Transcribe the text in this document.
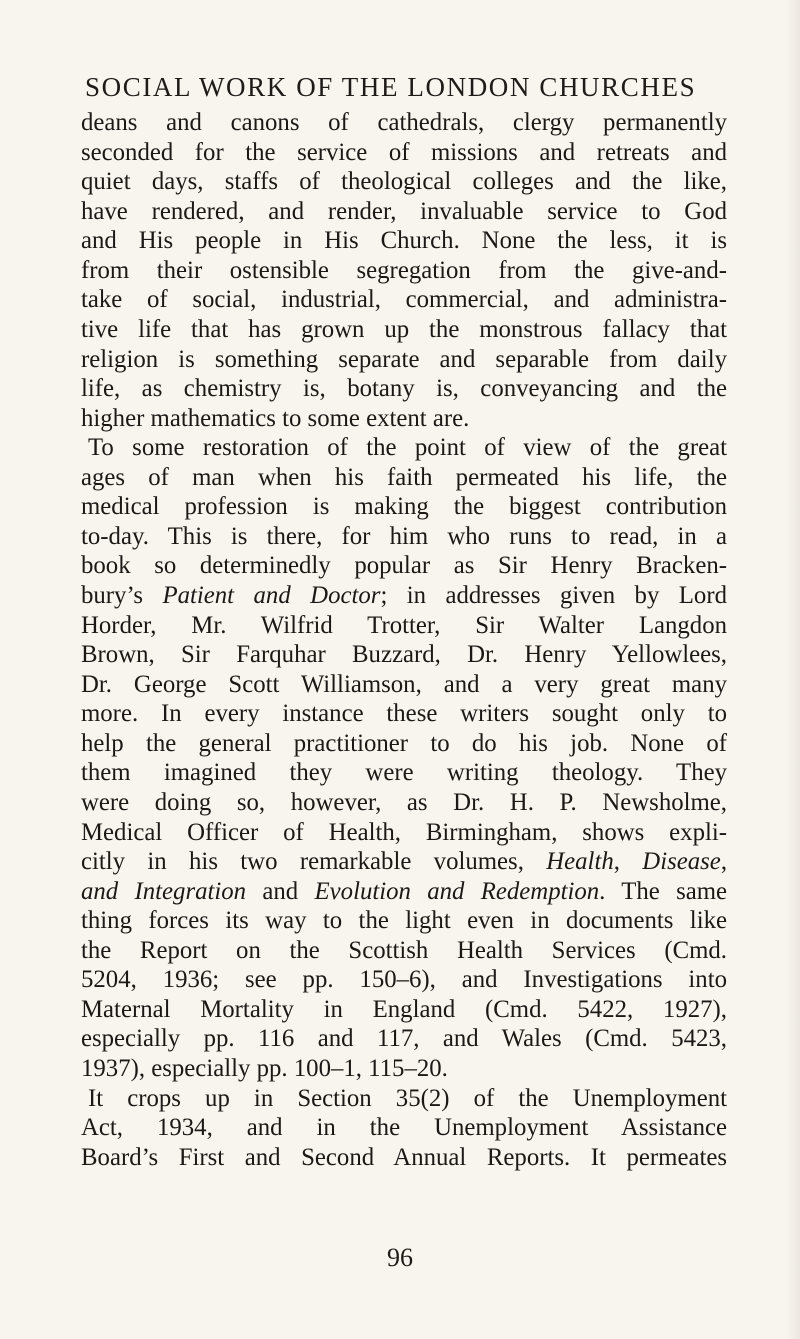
SOCIAL WORK OF THE LONDON CHURCHES
deans and canons of cathedrals, clergy permanently
seconded for the service of missions and retreats and
quiet days, staffs of theological colleges and the like,
have rendered, and render, invaluable service to God
and His people in His Church. None the less, it is
from their ostensible segregation from the give-and-
take of social, industrial, commercial, and administra-
tive life that has grown up the monstrous fallacy that
religion is something separate and separable from daily
life, as chemistry is, botany is, conveyancing and the
higher mathematics to some extent are.
To some restoration of the point of view of the great
ages of man when his faith permeated his life, the
medical profession is making the biggest contribution
to-day. This is there, for him who runs to read, in a
book so determinedly popular as Sir Henry Bracken-
bury’s Patient and Doctor; in addresses given by Lord
Horder, Mr. Wilfrid Trotter, Sir Walter Langdon
Brown, Sir Farquhar Buzzard, Dr. Henry Yellowlees,
Dr. George Scott Williamson, and a very great many
more. In every instance these writers sought only to
help the general practitioner to do his job. None of
them imagined they were writing theology. They
were doing so, however, as Dr. H. P. Newsholme,
Medical Officer of Health, Birmingham, shows expli-
citly in his two remarkable volumes, Health, Disease,
and Integration and Evolution and Redemption. The same
thing forces its way to the light even in documents like
the Report on the Scottish Health Services (Cmd.
5204, 1936; see pp. 150–6), and Investigations into
Maternal Mortality in England (Cmd. 5422, 1927),
especially pp. 116 and 117, and Wales (Cmd. 5423,
1937), especially pp. 100–1, 115–20.
It crops up in Section 35(2) of the Unemployment
Act, 1934, and in the Unemployment Assistance
Board’s First and Second Annual Reports. It permeates
96
